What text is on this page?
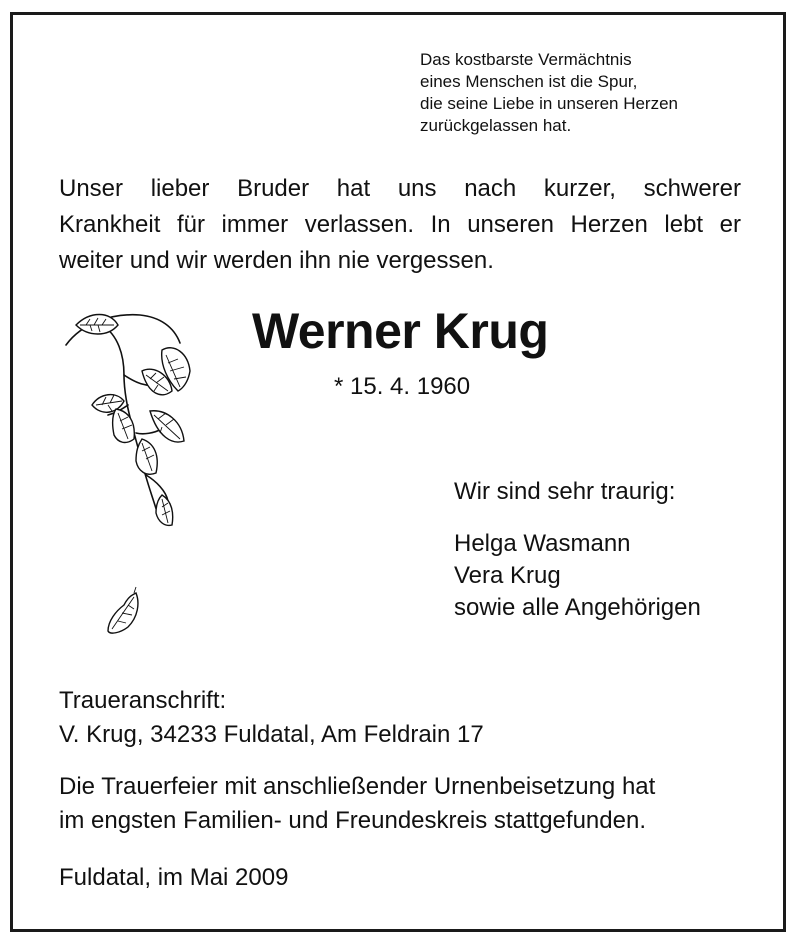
Das kostbarste Vermächtnis
eines Menschen ist die Spur,
die seine Liebe in unseren Herzen
zurückgelassen hat.
Unser lieber Bruder hat uns nach kurzer, schwerer
Krankheit für immer verlassen. In unseren Herzen lebt er
weiter und wir werden ihn nie vergessen.
Werner Krug
* 15. 4. 1960
Wir sind sehr traurig:
Helga Wasmann
Vera Krug
sowie alle Angehörigen
Traueranschrift:
V. Krug, 34233 Fuldatal, Am Feldrain 17
Die Trauerfeier mit anschließender Urnenbeisetzung hat
im engsten Familien- und Freundeskreis stattgefunden.
Fuldatal, im Mai 2009
